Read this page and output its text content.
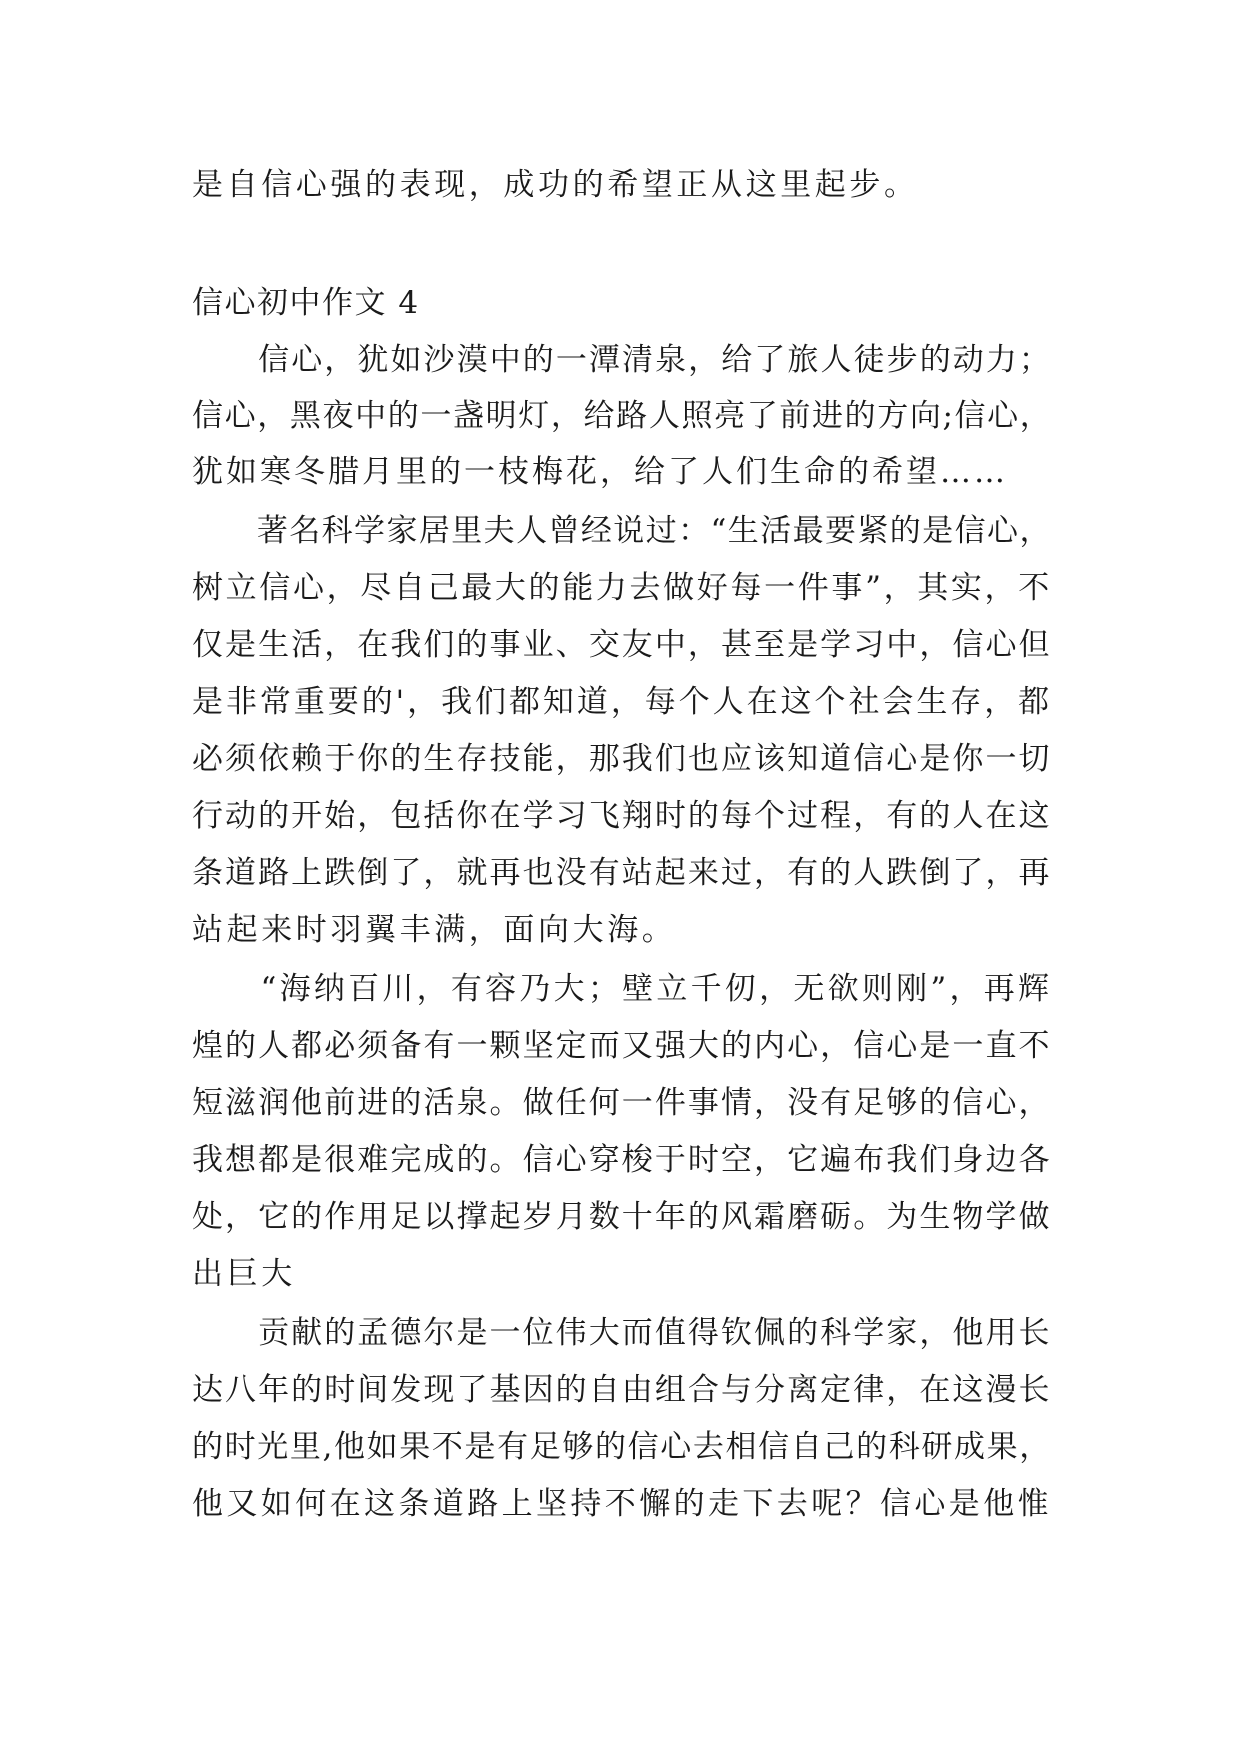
是自信心强的表现，成功的希望正从这里起步。
信心初中作文 4
　　信心，犹如沙漠中的一潭清泉，给了旅人徒步的动力；
信心，黑夜中的一盏明灯，给路人照亮了前进的方向;信心，
犹如寒冬腊月里的一枝梅花，给了人们生命的希望……
　　著名科学家居里夫人曾经说过：“生活最要紧的是信心，
树立信心，尽自己最大的能力去做好每一件事”，其实，不
仅是生活，在我们的事业、交友中，甚至是学习中，信心但
是非常重要的'，我们都知道，每个人在这个社会生存，都
必须依赖于你的生存技能，那我们也应该知道信心是你一切
行动的开始，包括你在学习飞翔时的每个过程，有的人在这
条道路上跌倒了，就再也没有站起来过，有的人跌倒了，再
站起来时羽翼丰满，面向大海。
　　“海纳百川，有容乃大；壁立千仞，无欲则刚”，再辉
煌的人都必须备有一颗坚定而又强大的内心，信心是一直不
短滋润他前进的活泉。做任何一件事情，没有足够的信心，
我想都是很难完成的。信心穿梭于时空，它遍布我们身边各
处，它的作用足以撑起岁月数十年的风霜磨砺。为生物学做
出巨大
　　贡献的孟德尔是一位伟大而值得钦佩的科学家，他用长
达八年的时间发现了基因的自由组合与分离定律，在这漫长
的时光里,他如果不是有足够的信心去相信自己的科研成果，
他又如何在这条道路上坚持不懈的走下去呢？信心是他惟
